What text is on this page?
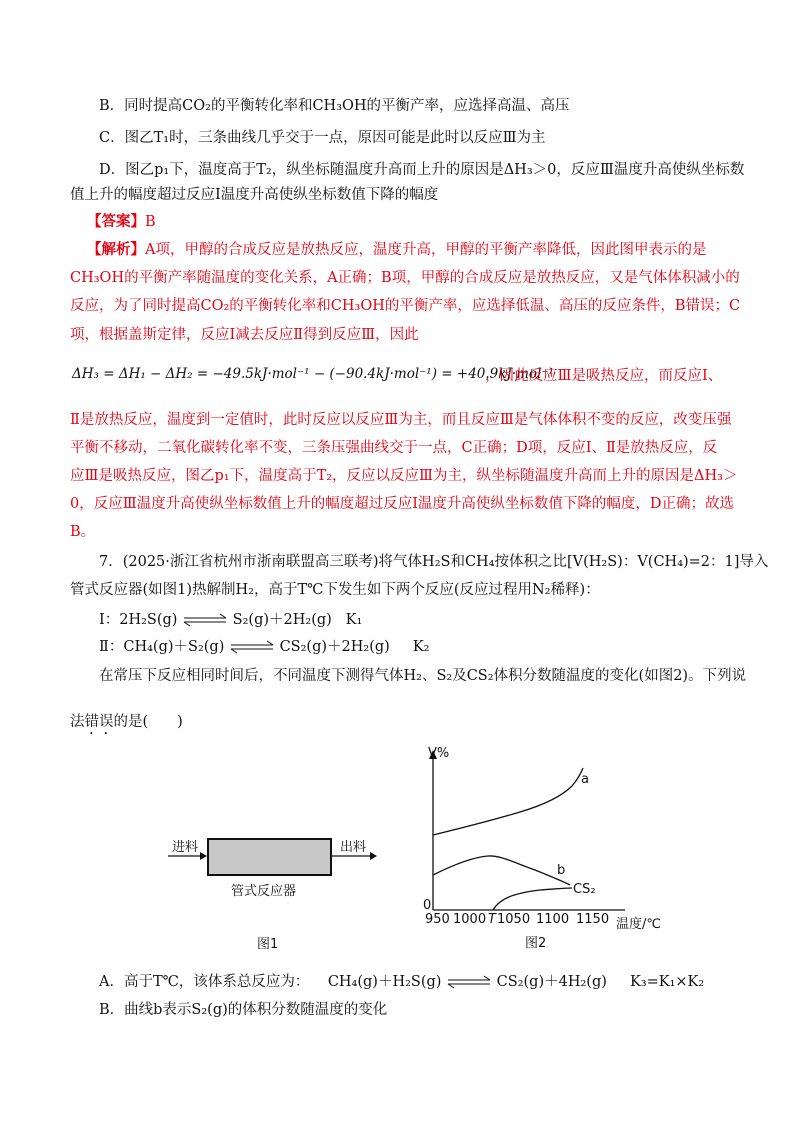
B．同时提高CO₂的平衡转化率和CH₃OH的平衡产率，应选择高温、高压
C．图乙T₁时，三条曲线几乎交于一点，原因可能是此时以反应Ⅲ为主
D．图乙p₁下，温度高于T₂，纵坐标随温度升高而上升的原因是ΔH₃＞0，反应Ⅲ温度升高使纵坐标数
值上升的幅度超过反应Ⅰ温度升高使纵坐标数值下降的幅度
【答案】B
【解析】A项，甲醇的合成反应是放热反应，温度升高，甲醇的平衡产率降低，因此图甲表示的是
CH₃OH的平衡产率随温度的变化关系，A正确；B项，甲醇的合成反应是放热反应，又是气体体积减小的
反应，为了同时提高CO₂的平衡转化率和CH₃OH的平衡产率，应选择低温、高压的反应条件，B错误；C
项，根据盖斯定律，反应Ⅰ减去反应Ⅱ得到反应Ⅲ，因此
ΔH₃ = ΔH₁ − ΔH₂ = −49.5kJ·mol⁻¹ − (−90.4kJ·mol⁻¹) = +40.9kJ·mol⁻¹
，因此反应Ⅲ是吸热反应，而反应Ⅰ、
Ⅱ是放热反应，温度到一定值时，此时反应以反应Ⅲ为主，而且反应Ⅲ是气体体积不变的反应，改变压强
平衡不移动，二氧化碳转化率不变，三条压强曲线交于一点，C正确；D项，反应Ⅰ、Ⅱ是放热反应，反
应Ⅲ是吸热反应，图乙p₁下，温度高于T₂，反应以反应Ⅲ为主，纵坐标随温度升高而上升的原因是ΔH₃＞
0，反应Ⅲ温度升高使纵坐标数值上升的幅度超过反应Ⅰ温度升高使纵坐标数值下降的幅度，D正确；故选
B。
7．(2025·浙江省杭州市浙南联盟高三联考)将气体H₂S和CH₄按体积之比[V(H₂S)：V(CH₄)=2：1]导入
管式反应器(如图1)热解制H₂，高于T℃下发生如下两个反应(反应过程用N₂稀释)：
Ⅰ：2H₂S(g) ⇌ S₂(g)＋2H₂(g) K₁
Ⅱ：CH₄(g)＋S₂(g) ⇌ CS₂(g)＋2H₂(g) K₂
在常压下反应相同时间后，不同温度下测得气体H₂、S₂及CS₂体积分数随温度的变化(如图2)。下列说
法错误的是(　　)
进料	出料
管式反应器
图1
V%
0
950 1000 T 1050 1100 1150 温度/℃
a
b
CS₂
图2
A．高于T℃，该体系总反应为： CH₄(g)＋H₂S(g) ⇌ CS₂(g)＋4H₂(g) K₃=K₁×K₂
B．曲线b表示S₂(g)的体积分数随温度的变化
